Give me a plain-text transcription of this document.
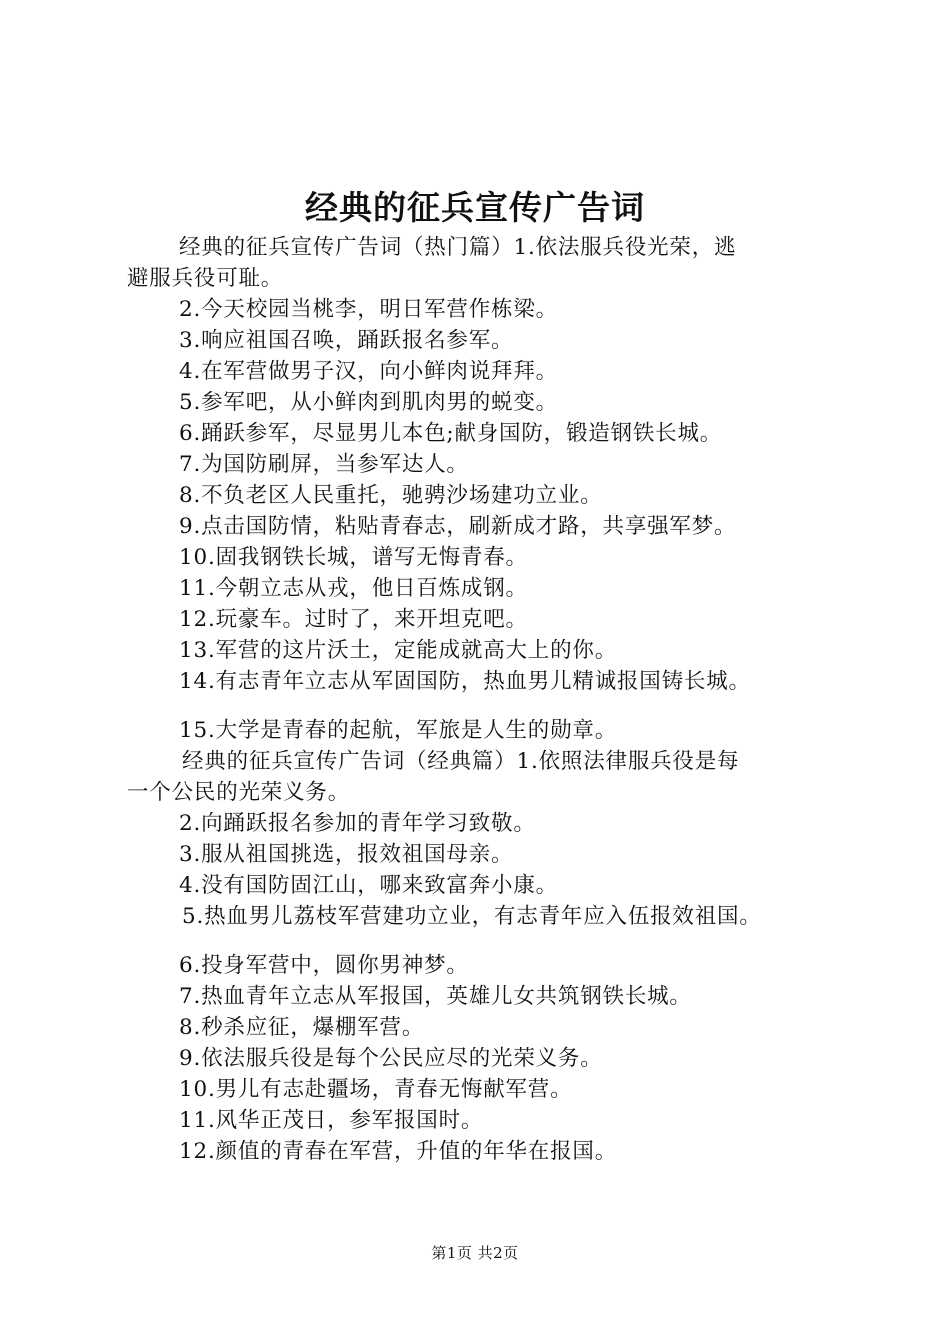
经典的征兵宣传广告词
经典的征兵宣传广告词（热门篇）1.依法服兵役光荣，逃
避服兵役可耻。
2.今天校园当桃李，明日军营作栋梁。
3.响应祖国召唤，踊跃报名参军。
4.在军营做男子汉，向小鲜肉说拜拜。
5.参军吧，从小鲜肉到肌肉男的蜕变。
6.踊跃参军，尽显男儿本色;献身国防，锻造钢铁长城。
7.为国防刷屏，当参军达人。
8.不负老区人民重托，驰骋沙场建功立业。
9.点击国防情，粘贴青春志，刷新成才路，共享强军梦。
10.固我钢铁长城，谱写无悔青春。
11.今朝立志从戎，他日百炼成钢。
12.玩豪车。过时了，来开坦克吧。
13.军营的这片沃土，定能成就高大上的你。
14.有志青年立志从军固国防，热血男儿精诚报国铸长城。
15.大学是青春的起航，军旅是人生的勋章。
经典的征兵宣传广告词（经典篇）1.依照法律服兵役是每
一个公民的光荣义务。
2.向踊跃报名参加的青年学习致敬。
3.服从祖国挑选，报效祖国母亲。
4.没有国防固江山，哪来致富奔小康。
5.热血男儿荔枝军营建功立业，有志青年应入伍报效祖国。
6.投身军营中，圆你男神梦。
7.热血青年立志从军报国，英雄儿女共筑钢铁长城。
8.秒杀应征，爆棚军营。
9.依法服兵役是每个公民应尽的光荣义务。
10.男儿有志赴疆场，青春无悔献军营。
11.风华正茂日，参军报国时。
12.颜值的青春在军营，升值的年华在报国。
第1页 共2页
